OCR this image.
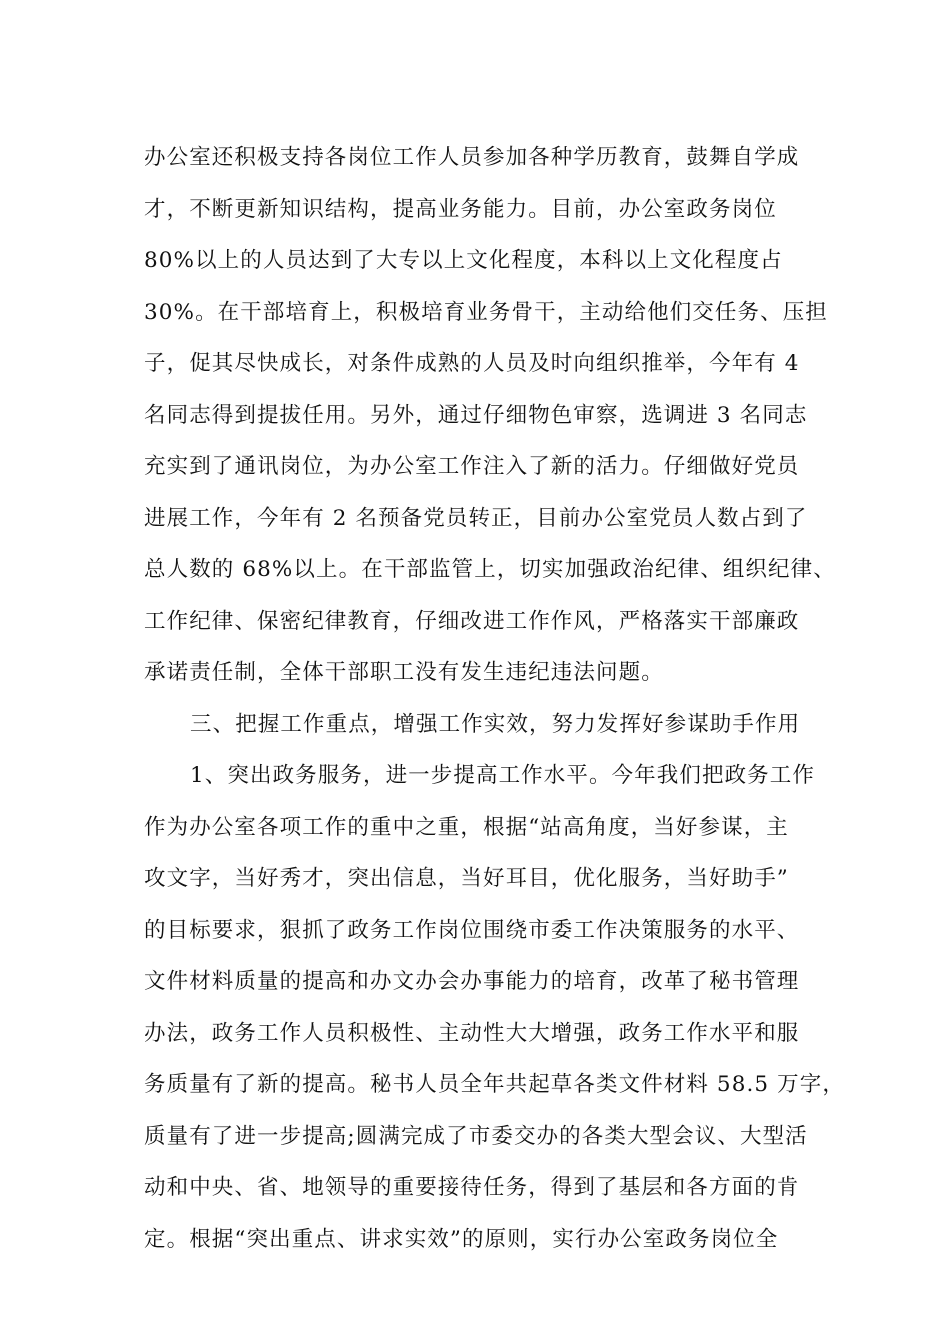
办公室还积极支持各岗位工作人员参加各种学历教育，鼓舞自学成
才，不断更新知识结构，提高业务能力。目前，办公室政务岗位
80%以上的人员达到了大专以上文化程度，本科以上文化程度占
30%。在干部培育上，积极培育业务骨干，主动给他们交任务、压担
子，促其尽快成长，对条件成熟的人员及时向组织推举，今年有 4
名同志得到提拔任用。另外，通过仔细物色审察，选调进 3 名同志
充实到了通讯岗位，为办公室工作注入了新的活力。仔细做好党员
进展工作，今年有 2 名预备党员转正，目前办公室党员人数占到了
总人数的 68%以上。在干部监管上，切实加强政治纪律、组织纪律、
工作纪律、保密纪律教育，仔细改进工作作风，严格落实干部廉政
承诺责任制，全体干部职工没有发生违纪违法问题。
三、把握工作重点，增强工作实效，努力发挥好参谋助手作用
1、突出政务服务，进一步提高工作水平。今年我们把政务工作
作为办公室各项工作的重中之重，根据“站高角度，当好参谋，主
攻文字，当好秀才，突出信息，当好耳目，优化服务，当好助手”
的目标要求，狠抓了政务工作岗位围绕市委工作决策服务的水平、
文件材料质量的提高和办文办会办事能力的培育，改革了秘书管理
办法，政务工作人员积极性、主动性大大增强，政务工作水平和服
务质量有了新的提高。秘书人员全年共起草各类文件材料 58.5 万字，
质量有了进一步提高;圆满完成了市委交办的各类大型会议、大型活
动和中央、省、地领导的重要接待任务，得到了基层和各方面的肯
定。根据“突出重点、讲求实效”的原则，实行办公室政务岗位全
